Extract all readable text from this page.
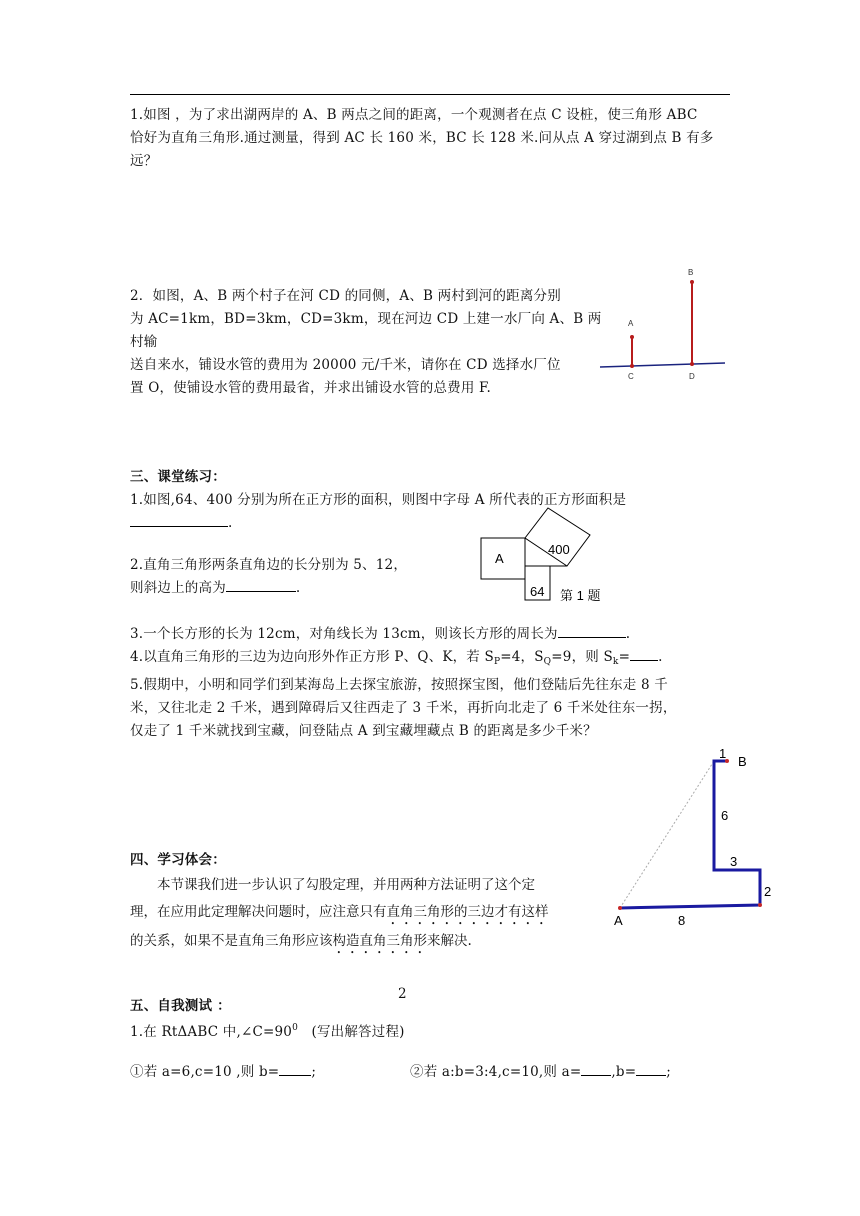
1.如图 ，为了求出湖两岸的 A、B 两点之间的距离，一个观测者在点 C 设桩，使三角形 ABC
恰好为直角三角形.通过测量，得到 AC 长 160 米，BC 长 128 米.问从点 A 穿过湖到点 B 有多
远？
2．如图，A、B 两个村子在河 CD 的同侧，A、B 两村到河的距离分别
为 AC=1km，BD=3km，CD=3km，现在河边 CD 上建一水厂向 A、B 两村输
送自来水，铺设水管的费用为 20000 元/千米，请你在 CD 选择水厂位
置 O，使铺设水管的费用最省，并求出铺设水管的总费用 F.
A
B
C	D
三、课堂练习：
1.如图,64、400 分别为所在正方形的面积，则图中字母 A 所代表的正方形面积是
.
2.直角三角形两条直角边的长分别为 5、12，
则斜边上的高为	.
A
400
64 第 1 题
3.一个长方形的长为 12cm，对角线长为 13cm，则该长方形的周长为	.
4.以直角三角形的三边为边向形外作正方形 P、Q、K，若 $S_P=4$，$S_Q=9$，则 $S_k=$ .
5.假期中，小明和同学们到某海岛上去探宝旅游，按照探宝图，他们登陆后先往东走 8 千
米，又往北走 2 千米，遇到障碍后又往西走了 3 千米，再折向北走了 6 千米处往东一拐，
仅走了 1 千米就找到宝藏，问登陆点 A 到宝藏埋藏点 B 的距离是多少千米？
1
B
6
3
2
A	8
四、学习体会：
本节课我们进一步认识了勾股定理，并用两种方法证明了这个定
理，在应用此定理解决问题时，应注意只有直角三角形的三边才有这样
的关系，如果不是直角三角形应该构造直角三角形来解决.
2
五、自我测试 ：
1.在 RtΔABC 中$,\angle C=90^0$   (写出解答过程)
①若 a=6,c=10 ,则 b= ;	②若 a:b=3:4,c=10,则 a= ,b= ;
